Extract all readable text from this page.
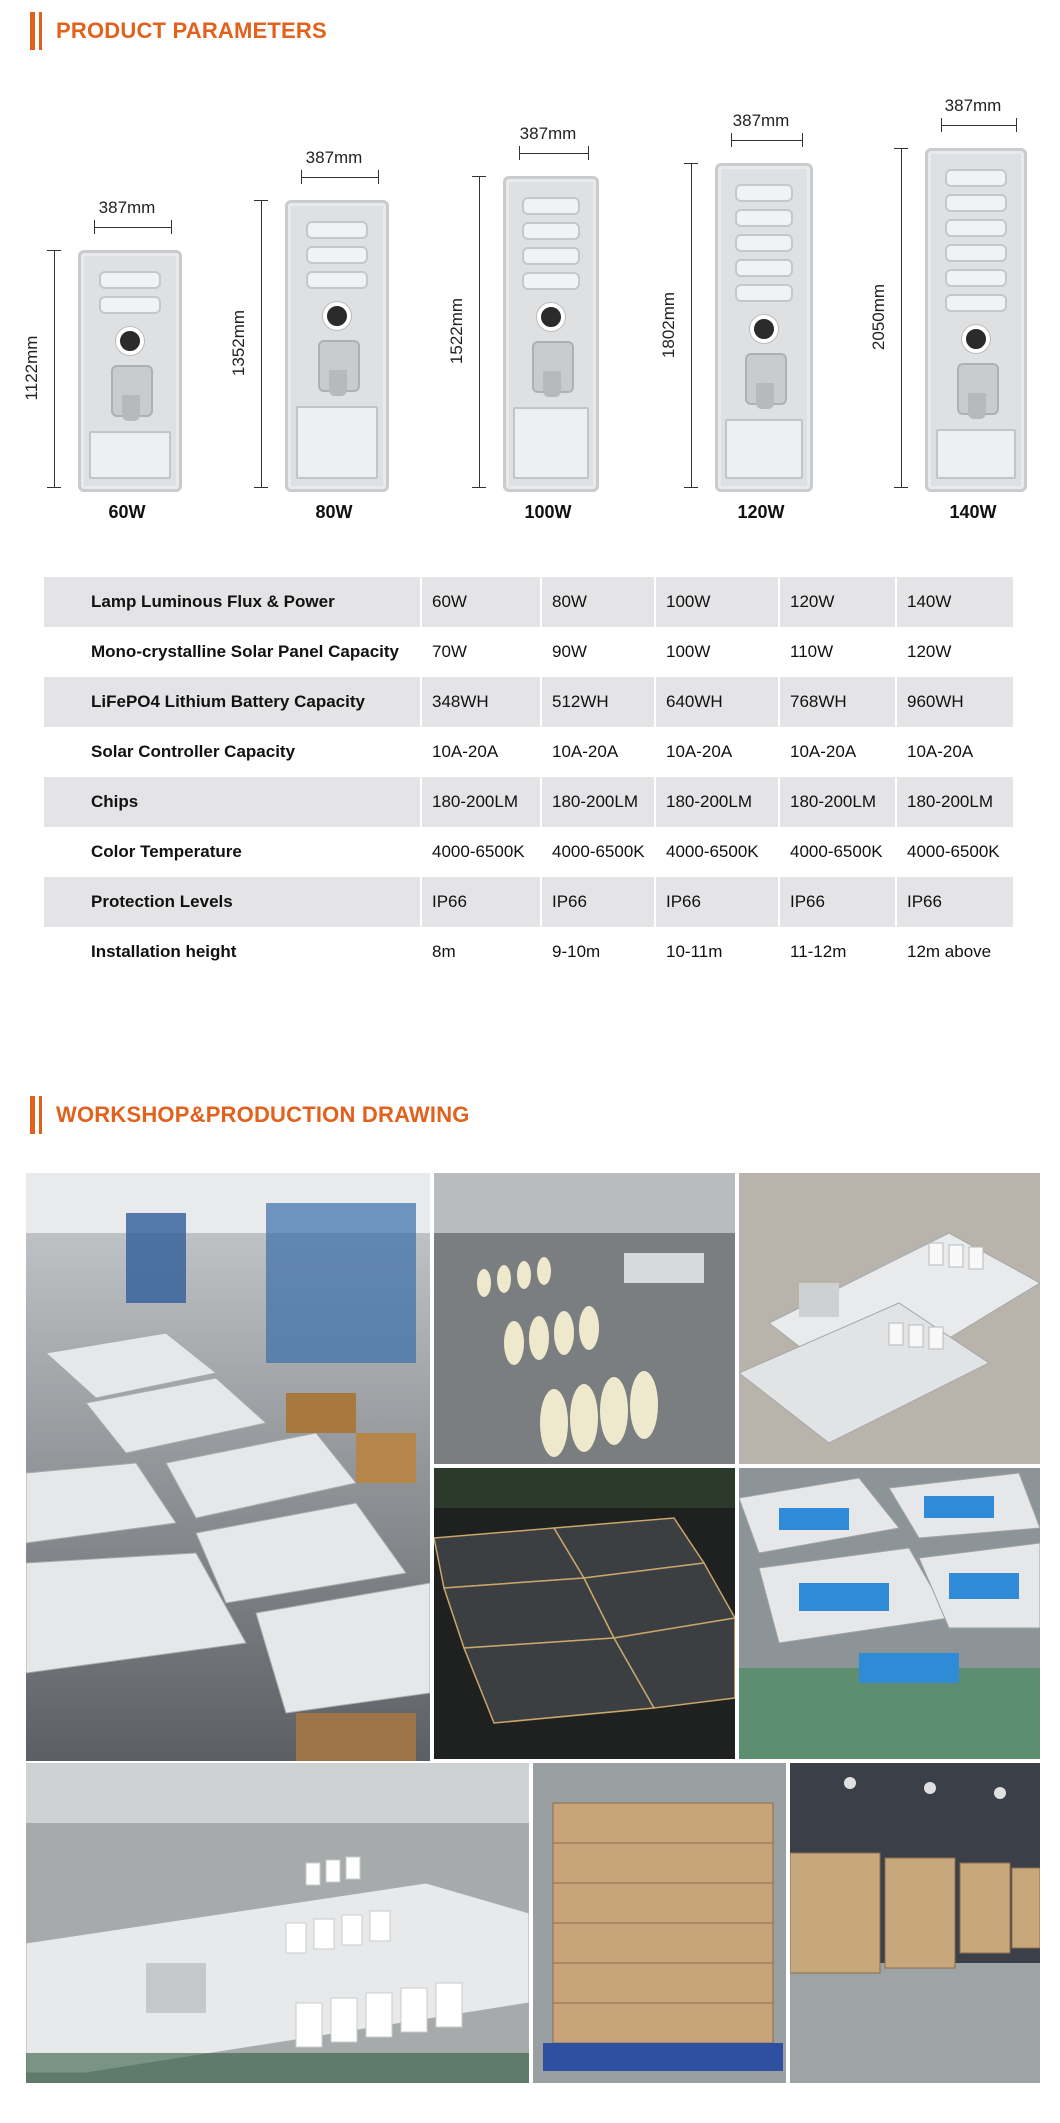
PRODUCT PARAMETERS
387mm
1122mm
60W
387mm
1352mm
80W
387mm
1522mm
100W
387mm
1802mm
120W
387mm
2050mm
140W
Lamp Luminous Flux & Power	60W	80W	100W	120W	140W
Mono-crystalline Solar Panel Capacity	70W	90W	100W	110W	120W
LiFePO4 Lithium Battery Capacity	348WH	512WH	640WH	768WH	960WH
Solar Controller Capacity	10A-20A	10A-20A	10A-20A	10A-20A	10A-20A
Chips	180-200LM	180-200LM	180-200LM	180-200LM	180-200LM
Color Temperature	4000-6500K	4000-6500K	4000-6500K	4000-6500K	4000-6500K
Protection Levels	IP66	IP66	IP66	IP66	IP66
Installation height	8m	9-10m	10-11m	11-12m	12m above
WORKSHOP&PRODUCTION DRAWING
